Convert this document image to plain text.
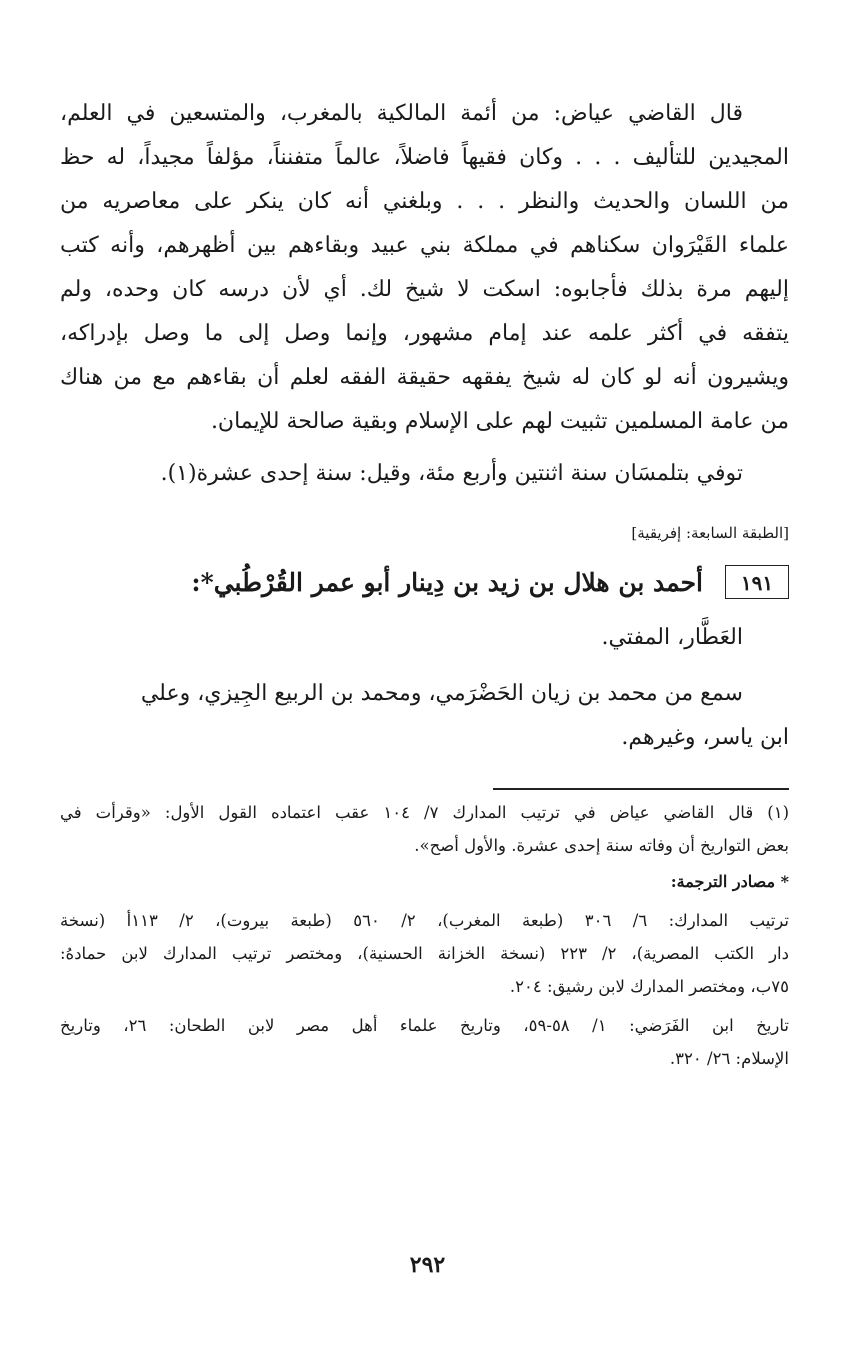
قال القاضي عياض: من أئمة المالكية بالمغرب، والمتسعين في العلم،
المجيدين للتأليف . . . وكان فقيهاً فاضلاً، عالماً متفنناً، مؤلفاً مجيداً، له حظ
من اللسان والحديث والنظر . . . وبلغني أنه كان ينكر على معاصريه من
علماء القَيْرَوان سكناهم في مملكة بني عبيد وبقاءهم بين أظهرهم، وأنه كتب
إليهم مرة بذلك فأجابوه: اسكت لا شيخ لك. أي لأن درسه كان وحده، ولم
يتفقه في أكثر علمه عند إمام مشهور، وإنما وصل إلى ما وصل بإدراكه،
ويشيرون أنه لو كان له شيخ يفقهه حقيقة الفقه لعلم أن بقاءهم مع من هناك
من عامة المسلمين تثبيت لهم على الإسلام وبقية صالحة للإيمان.

توفي بتلمسَان سنة اثنتين وأربع مئة، وقيل: سنة إحدى عشرة(١).

[الطبقة السابعة: إفريقية]

١٩١
أحمد بن هلال بن زيد بن دِينار أبو عمر القُرْطُبي*:

العَطَّار، المفتي.

سمع من محمد بن زيان الحَضْرَمي، ومحمد بن الربيع الجِيزي، وعلي
ابن ياسر، وغيرهم.

(١) قال القاضي عياض في ترتيب المدارك ٧/ ١٠٤ عقب اعتماده القول الأول: «وقرأت في
بعض التواريخ أن وفاته سنة إحدى عشرة. والأول أصح».

* مصادر الترجمة:

ترتيب المدارك: ٦/ ٣٠٦ (طبعة المغرب)، ٢/ ٥٦٠ (طبعة بيروت)، ٢/ ١١٣أ (نسخة
دار الكتب المصرية)، ٢/ ٢٢٣ (نسخة الخزانة الحسنية)، ومختصر ترتيب المدارك لابن حمادهُ:
٧٥ب، ومختصر المدارك لابن رشيق: ٢٠٤.

تاريخ ابن الفَرَضي: ١/ ٥٨-٥٩، وتاريخ علماء أهل مصر لابن الطحان: ٢٦، وتاريخ
الإسلام: ٢٦/ ٣٢٠.

٢٩٢
